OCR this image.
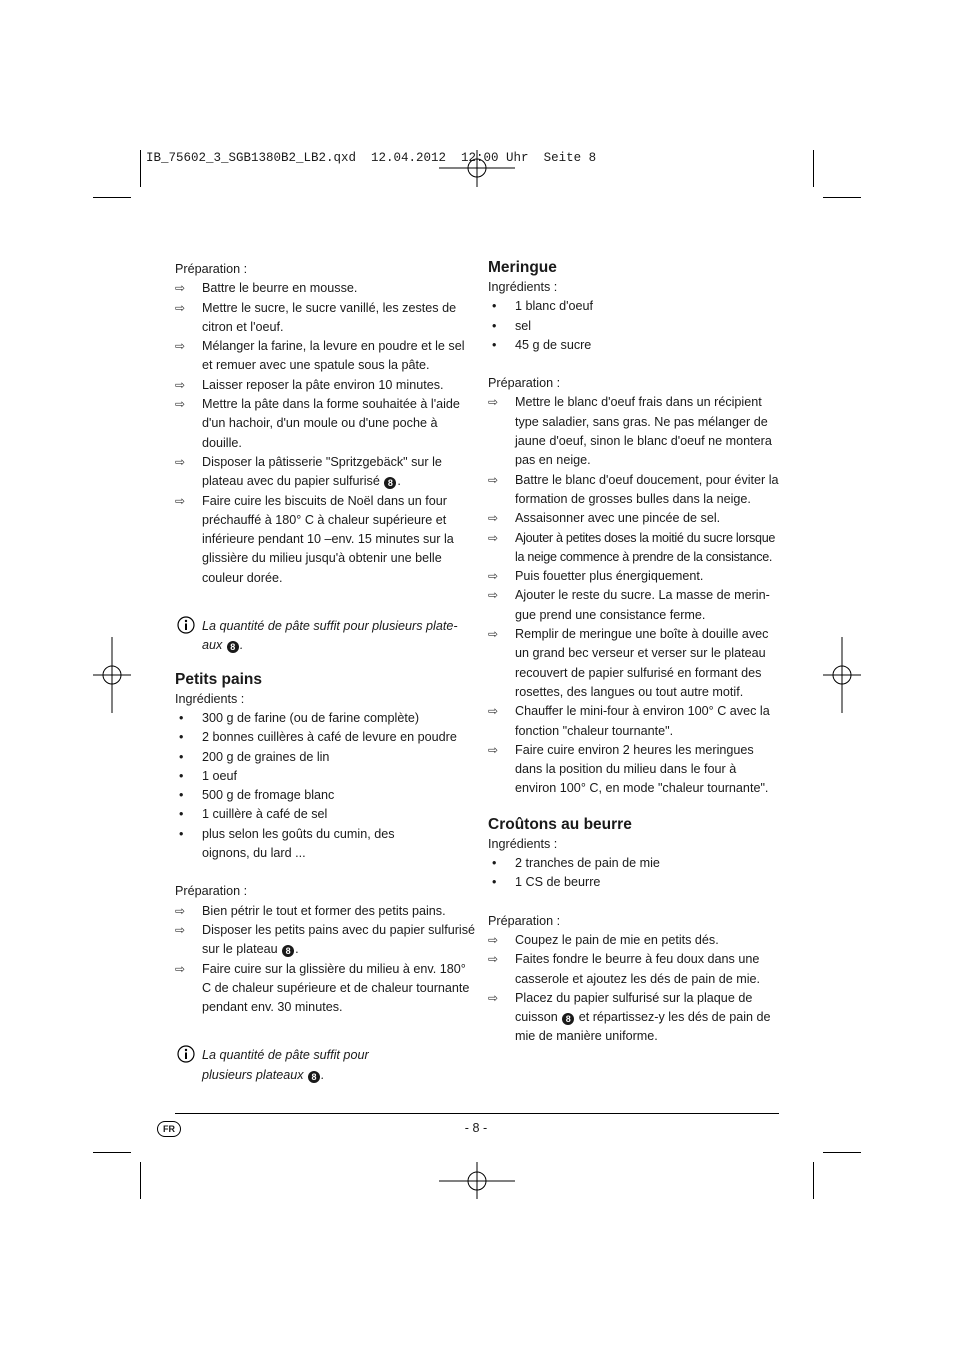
IB_75602_3_SGB1380B2_LB2.qxd  12.04.2012  12:00 Uhr  Seite 8

Préparation :

⇨	Battre le beurre en mousse.
⇨	Mettre le sucre, le sucre vanillé, les zestes de citron et l'oeuf.
⇨	Mélanger la farine, la levure en poudre et le sel et remuer avec une spatule sous la pâte.
⇨	Laisser reposer la pâte environ 10 minutes.
⇨	Mettre la pâte dans la forme souhaitée à l'aide d'un hachoir, d'un moule ou d'une poche à douille.
⇨	Disposer la pâtisserie "Spritzgebäck" sur le plateau avec du papier sulfurisé 8 .
⇨	Faire cuire les biscuits de Noël dans un four préchauffé à 180° C à chaleur supérieure et inférieure pendant 10 –env. 15 minutes sur la glissière du milieu jusqu'à obtenir une belle couleur dorée.
La quantité de pâte suffit pour plusieurs plate-aux 8 .

Petits pains

Ingrédients :

•	300 g de farine (ou de farine complète)
•	2 bonnes cuillères à café de levure en poudre
•	200 g de graines de lin
•	1 oeuf
•	500 g de fromage blanc
•	1 cuillère à café de sel
•	plus selon les goûts du cumin, des oignons, du lard ...

Préparation :

⇨	Bien pétrir le tout et former des petits pains.
⇨	Disposer les petits pains avec du papier sulfurisé sur le plateau 8 .
⇨	Faire cuire sur la glissière du milieu à env. 180° C de chaleur supérieure et de chaleur tournante pendant env. 30 minutes.
La quantité de pâte suffit pour plusieurs plateaux 8 .

Meringue

Ingrédients :

•	1 blanc d'oeuf
•	sel
•	45 g de sucre

Préparation :

⇨	Mettre le blanc d'oeuf frais dans un récipient type saladier, sans gras. Ne pas mélanger de jaune d'oeuf, sinon le blanc d'oeuf ne montera pas en neige.
⇨	Battre le blanc d'oeuf doucement, pour éviter la formation de grosses bulles dans la neige.
⇨	Assaisonner avec une pincée de sel.
⇨	Ajouter à petites doses la moitié du sucre lorsque la neige commence à prendre de la consistance.
⇨	Puis fouetter plus énergiquement.
⇨	Ajouter le reste du sucre. La masse de merin-gue prend une consistance ferme.
⇨	Remplir de meringue une boîte à douille avec un grand bec verseur et verser sur le plateau recouvert de papier sulfurisé en formant des rosettes, des langues ou tout autre motif.
⇨	Chauffer le mini-four à environ 100° C avec la fonction "chaleur tournante".
⇨	Faire cuire environ 2 heures les meringues dans la position du milieu dans le four à environ 100° C, en mode "chaleur tournante".

Croûtons au beurre

Ingrédients :

•	2 tranches de pain de mie
•	1 CS de beurre

Préparation :

⇨	Coupez le pain de mie en petits dés.
⇨	Faites fondre le beurre à feu doux dans une casserole et ajoutez les dés de pain de mie.
⇨	Placez du papier sulfurisé sur la plaque de cuisson 8 et répartissez-y les dés de pain de mie de manière uniforme.
FR	- 8 -
